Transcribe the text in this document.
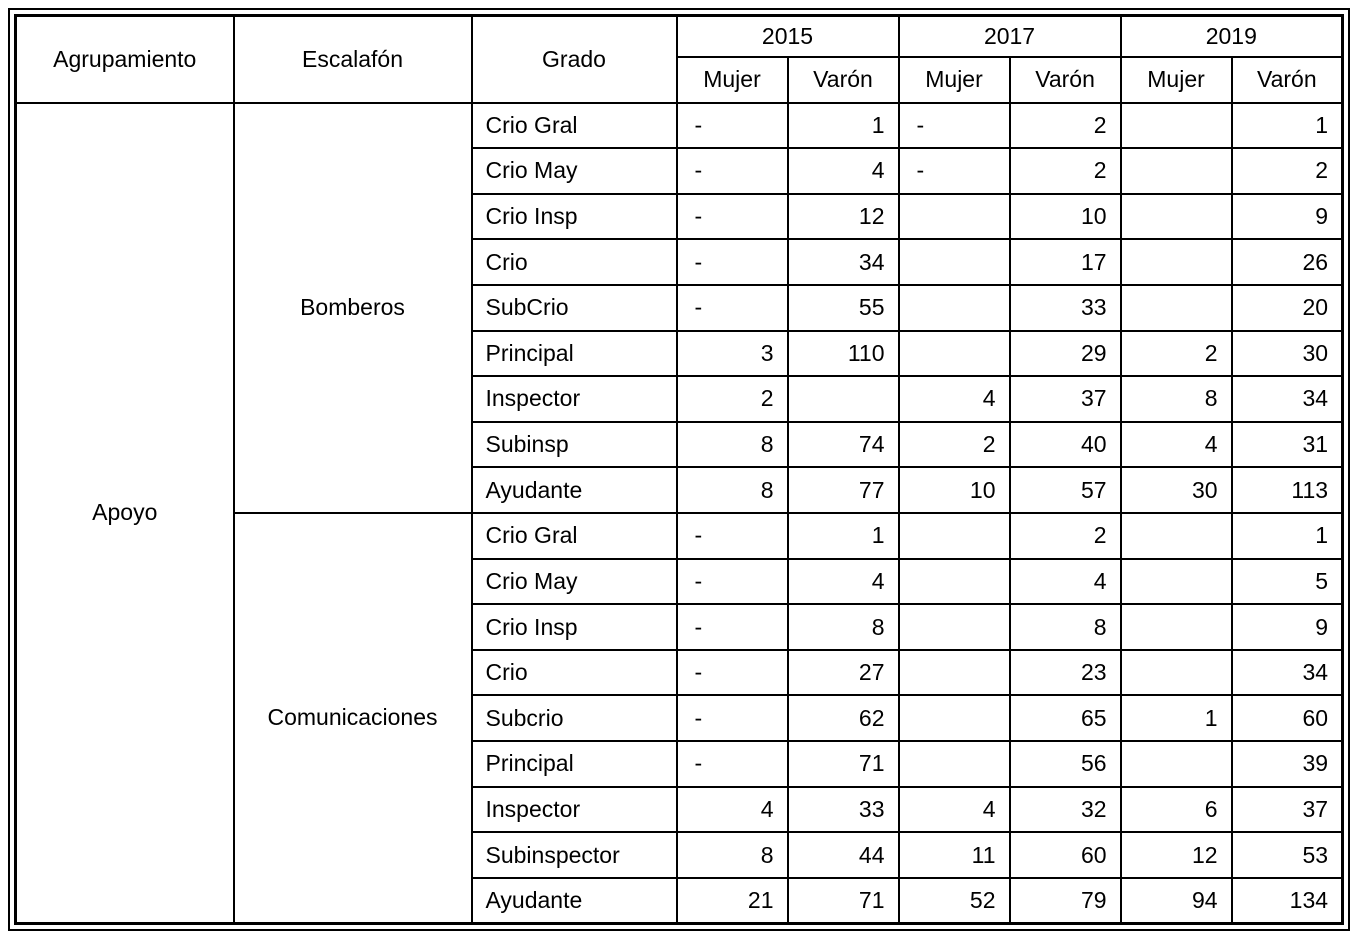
Agrupamiento	Escalafón	Grado	2015		2017		2019	
			Mujer	Varón	Mujer	Varón	Mujer	Varón
Apoyo	Bomberos	Crio Gral	-	1	-	2		1
		Crio May	-	4	-	2		2
		Crio Insp	-	12		10		9
		Crio	-	34		17		26
		SubCrio	-	55		33		20
		Principal	3	110		29	2	30
		Inspector	2		4	37	8	34
		Subinsp	8	74	2	40	4	31
		Ayudante	8	77	10	57	30	113
	Comunicaciones	Crio Gral	-	1		2		1
		Crio May	-	4		4		5
		Crio Insp	-	8		8		9
		Crio	-	27		23		34
		Subcrio	-	62		65	1	60
		Principal	-	71		56		39
		Inspector	4	33	4	32	6	37
		Subinspector	8	44	11	60	12	53
		Ayudante	21	71	52	79	94	134
